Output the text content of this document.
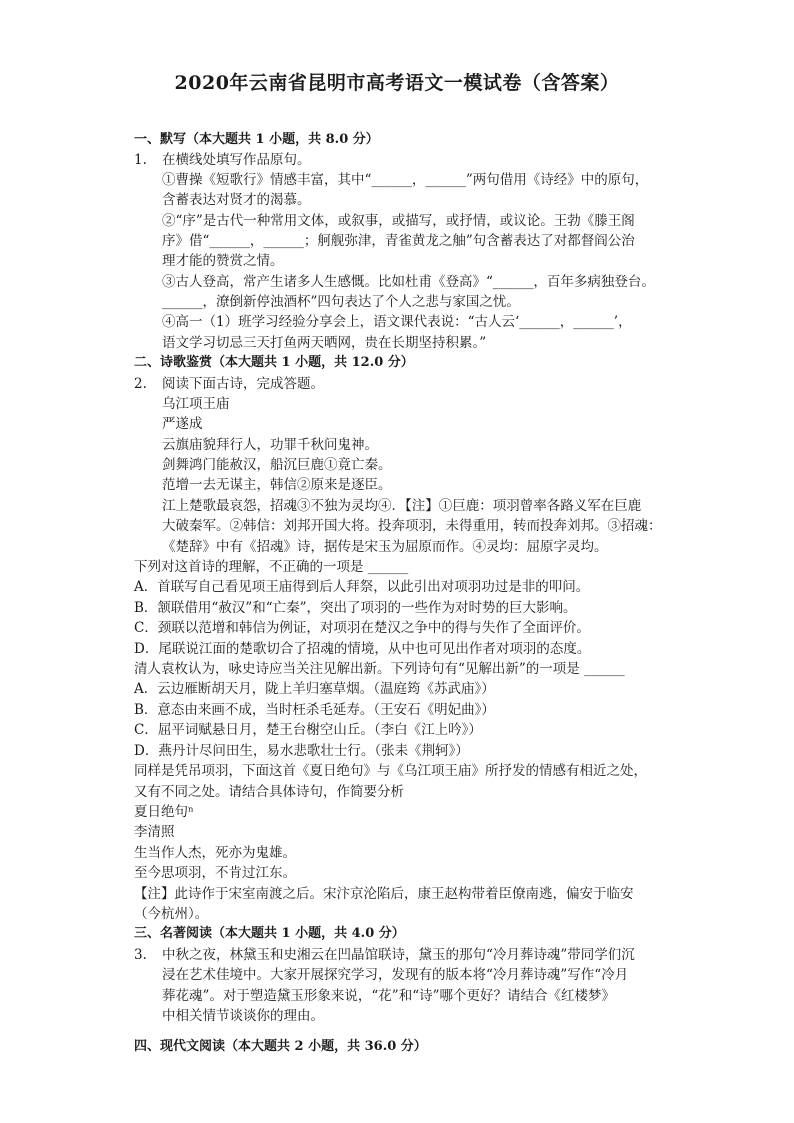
2020年云南省昆明市高考语文一模试卷（含答案）
一、默写（本大题共 1 小题，共 8.0 分）
1. 在横线处填写作品原句。
①曹操《短歌行》情感丰富，其中“______，______”两句借用《诗经》中的原句，
含蓄表达对贤才的渴慕。
②“序”是古代一种常用文体，或叙事，或描写，或抒情，或议论。王勃《滕王阁
序》借“______，______；舸舰弥津，青雀黄龙之舳”句含蓄表达了对都督阎公治
理才能的赞赏之情。
③古人登高，常产生诸多人生感慨。比如杜甫《登高》“______，百年多病独登台。
______，潦倒新停浊酒杯”四句表达了个人之悲与家国之忧。
④高一（1）班学习经验分享会上，语文课代表说：“古人云‘______，______’，
语文学习切忌三天打鱼两天晒网，贵在长期坚持积累。”
二、诗歌鉴赏（本大题共 1 小题，共 12.0 分）
2. 阅读下面古诗，完成答题。
乌江项王庙
严遂成
云旗庙貌拜行人，功罪千秋问鬼神。
剑舞鸿门能赦汉，船沉巨鹿①竟亡秦。
范增一去无谋主，韩信②原来是逐臣。
江上楚歌最哀怨，招魂③不独为灵均④．【注】①巨鹿：项羽曾率各路义军在巨鹿
大破秦军。②韩信：刘邦开国大将。投奔项羽，未得重用，转而投奔刘邦。③招魂：
《楚辞》中有《招魂》诗，据传是宋玉为屈原而作。④灵均：屈原字灵均。
下列对这首诗的理解，不正确的一项是 ______
A．首联写自己看见项王庙得到后人拜祭，以此引出对项羽功过是非的叩问。
B．颔联借用“赦汉”和“亡秦”，突出了项羽的一些作为对时势的巨大影响。
C．颈联以范增和韩信为例证，对项羽在楚汉之争中的得与失作了全面评价。
D．尾联说江面的楚歌切合了招魂的情境，从中也可见出作者对项羽的态度。
清人袁枚认为，咏史诗应当关注见解出新。下列诗句有“见解出新”的一项是 ______
A．云边雁断胡天月，陇上羊归塞草烟。（温庭筠《苏武庙》）
B．意态由来画不成，当时枉杀毛延寿。（王安石《明妃曲》）
C．屈平词赋悬日月，楚王台榭空山丘。（李白《江上吟》）
D．燕丹计尽问田生，易水悲歌壮士行。（张耒《荆轲》）
同样是凭吊项羽，下面这首《夏日绝句》与《乌江项王庙》所抒发的情感有相近之处，
又有不同之处。请结合具体诗句，作简要分析
夏日绝句ⁿ
李清照
生当作人杰，死亦为鬼雄。
至今思项羽，不肯过江东。
【注】此诗作于宋室南渡之后。宋汴京沦陷后，康王赵构带着臣僚南逃，偏安于临安
（今杭州）。
三、名著阅读（本大题共 1 小题，共 4.0 分）
3. 中秋之夜，林黛玉和史湘云在凹晶馆联诗，黛玉的那句“冷月葬诗魂”带同学们沉
浸在艺术佳境中。大家开展探究学习，发现有的版本将“冷月葬诗魂”写作“冷月
葬花魂”。对于塑造黛玉形象来说，“花”和“诗”哪个更好？请结合《红楼梦》
中相关情节谈谈你的理由。
四、现代文阅读（本大题共 2 小题，共 36.0 分）
